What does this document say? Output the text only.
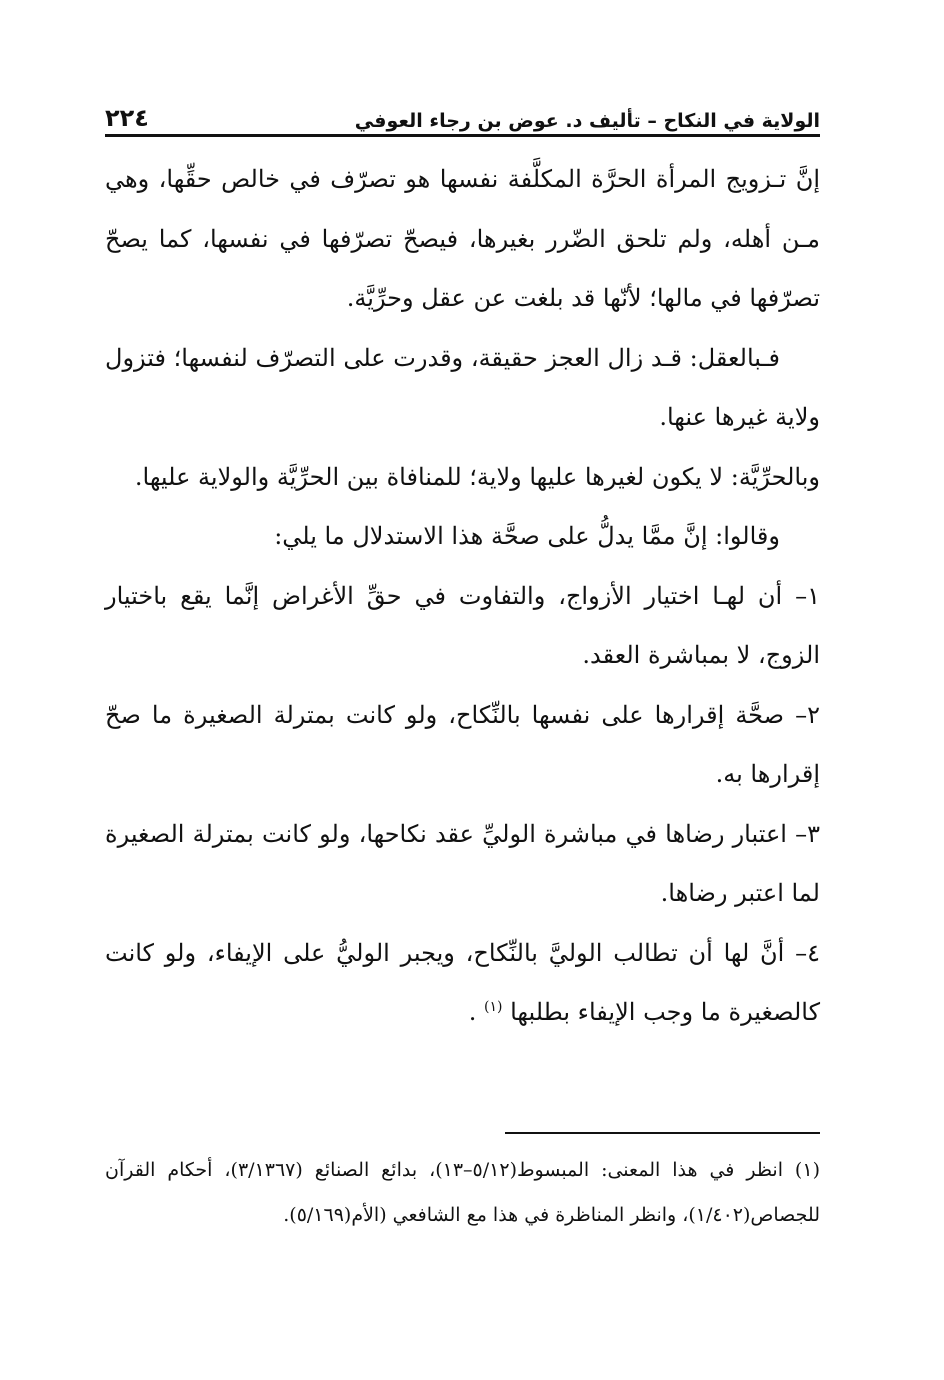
الولاية في النكاح – تأليف د. عوض بن رجاء العوفي
٢٢٤

إنَّ تـزويج المرأة الحرَّة المكلَّفة نفسها هو تصرّف في خالص حقِّها، وهي مـن أهله، ولم تلحق الضّرر بغيرها، فيصحّ تصرّفها في نفسها، كما يصحّ تصرّفها في مالها؛ لأنّها قد بلغت عن عقل وحرِّيَّة.

فـبالعقل: قـد زال العجز حقيقة، وقدرت على التصرّف لنفسها؛ فتزول ولاية غيرها عنها.

وبالحرِّيَّة: لا يكون لغيرها عليها ولاية؛ للمنافاة بين الحرِّيَّة والولاية عليها.

وقالوا: إنَّ ممَّا يدلُّ على صحَّة هذا الاستدلال ما يلي:

١– أن لهـا اختيار الأزواج، والتفاوت في حقِّ الأغراض إنَّما يقع باختيار الزوج، لا بمباشرة العقد.

٢– صحَّة إقرارها على نفسها بالنِّكاح، ولو كانت بمترلة الصغيرة ما صحّ إقرارها به.

٣– اعتبار رضاها في مباشرة الوليِّ عقد نكاحها، ولو كانت بمترلة الصغيرة لما اعتبر رضاها.

٤– أنَّ لها أن تطالب الوليَّ بالنِّكاح، ويجبر الوليُّ على الإيفاء، ولو كانت كالصغيرة ما وجب الإيفاء بطلبها $^{(١)}$ .

(١) انظر في هذا المعنى: المبسوط(٥/١٢–١٣)، بدائع الصنائع (٣/١٣٦٧)، أحكام القرآن للجصاص(١/٤٠٢)، وانظر المناظرة في هذا مع الشافعي (الأم(٥/١٦٩).
